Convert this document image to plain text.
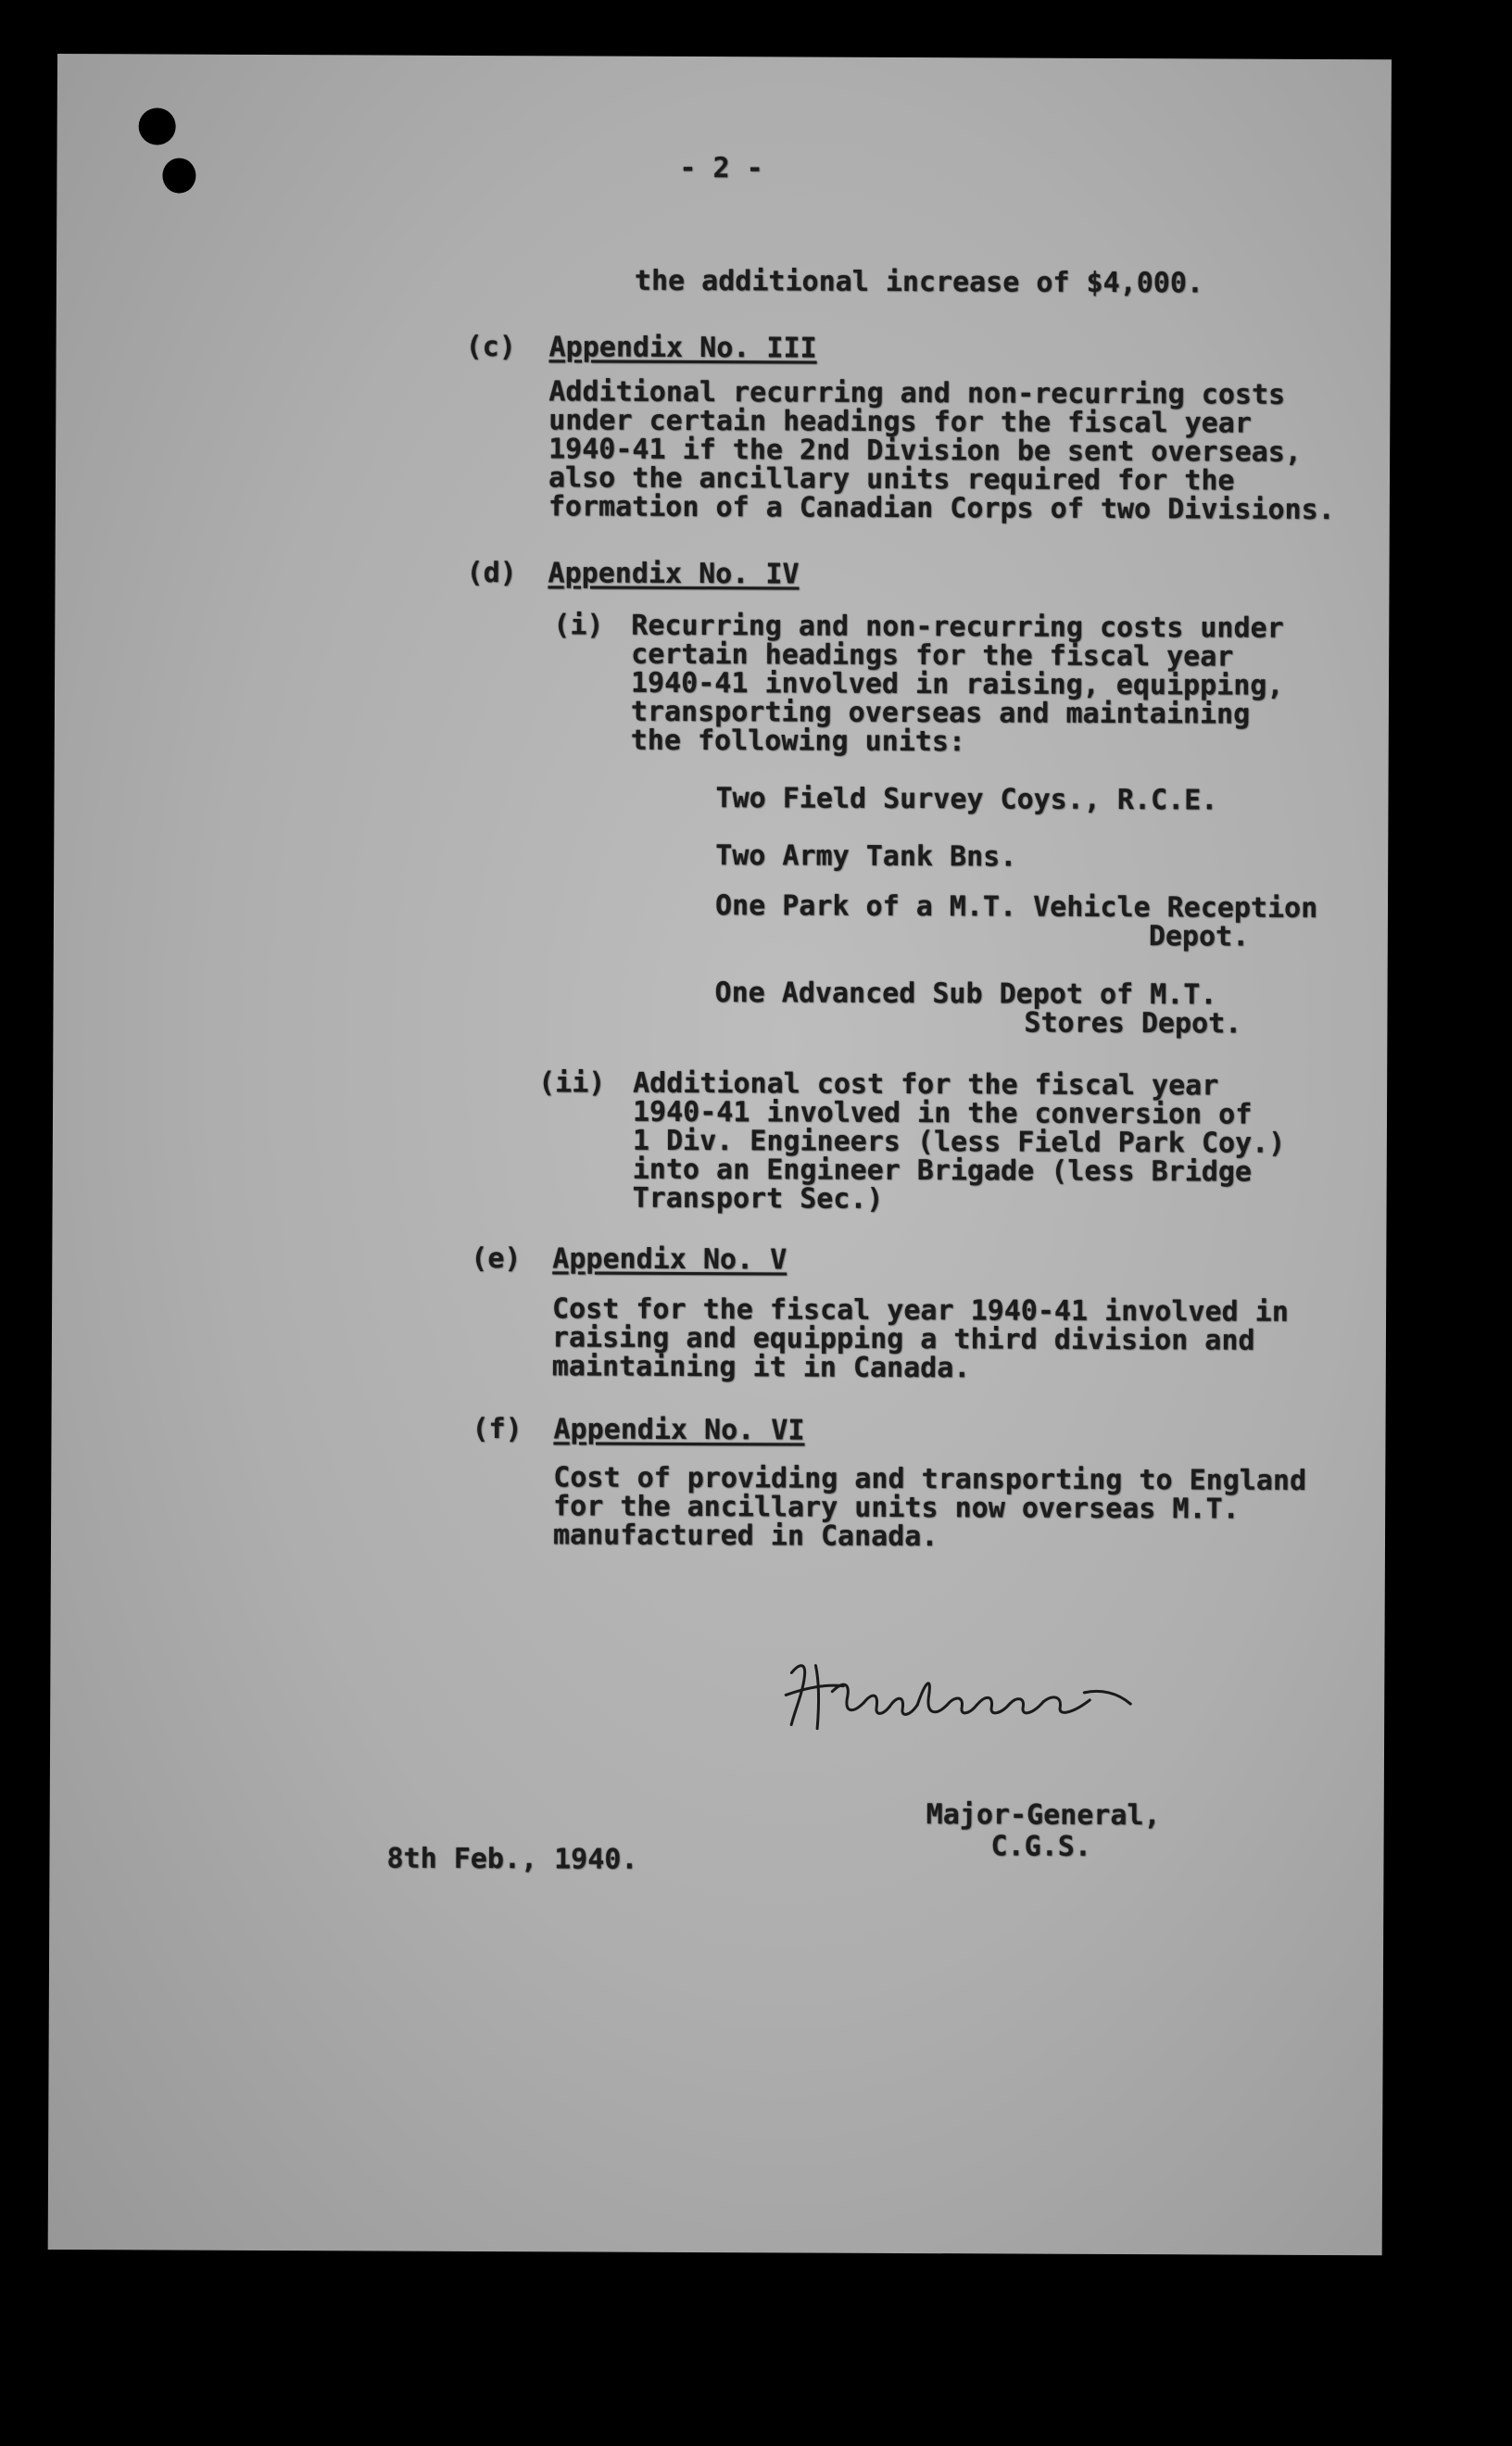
- 2 -
the additional increase of $4,000.
(c) Appendix No. III
Additional recurring and non-recurring costs
under certain headings for the fiscal year
1940-41 if the 2nd Division be sent overseas,
also the ancillary units required for the
formation of a Canadian Corps of two Divisions.
(d) Appendix No. IV
(i) Recurring and non-recurring costs under
certain headings for the fiscal year
1940-41 involved in raising, equipping,
transporting overseas and maintaining
the following units:
Two Field Survey Coys., R.C.E.
Two Army Tank Bns.
One Park of a M.T. Vehicle Reception
Depot.
One Advanced Sub Depot of M.T.
Stores Depot.
(ii) Additional cost for the fiscal year
1940-41 involved in the conversion of
1 Div. Engineers (less Field Park Coy.)
into an Engineer Brigade (less Bridge
Transport Sec.)
(e) Appendix No. V
Cost for the fiscal year 1940-41 involved in
raising and equipping a third division and
maintaining it in Canada.
(f) Appendix No. VI
Cost of providing and transporting to England
for the ancillary units now overseas M.T.
manufactured in Canada.
8th Feb., 1940.
Major-General,
C.G.S.
